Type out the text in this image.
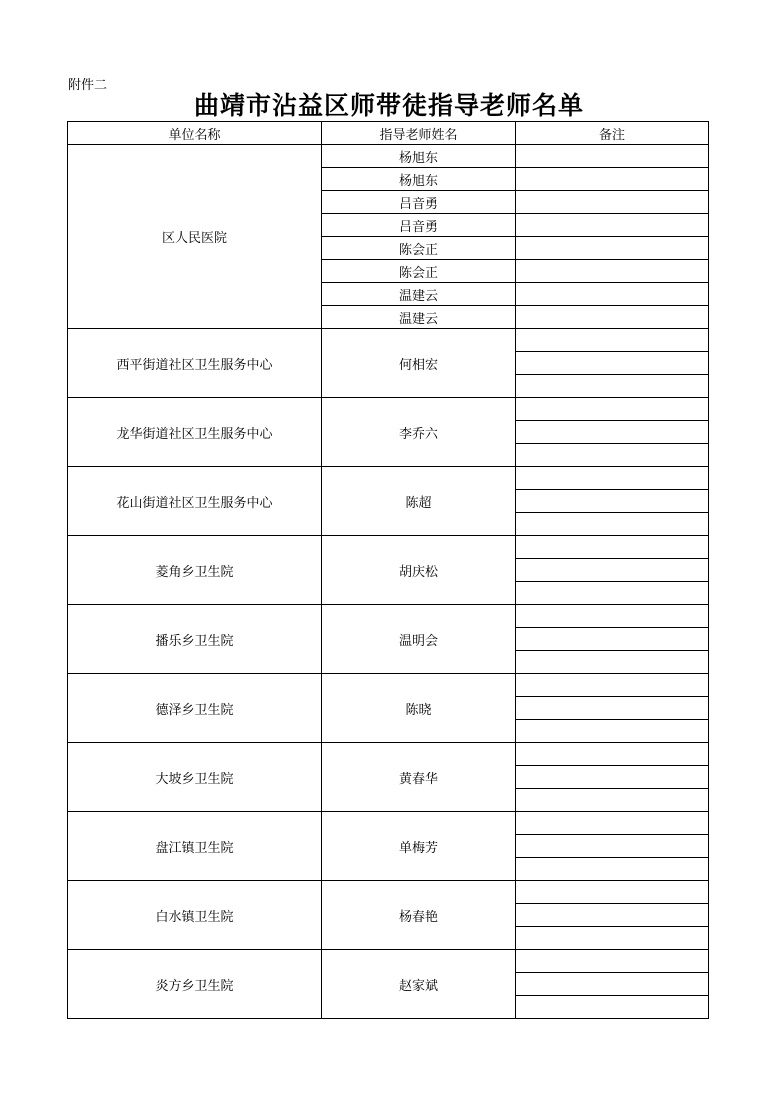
附件二
曲靖市沾益区师带徒指导老师名单
单位名称	指导老师姓名	备注
区人民医院	杨旭东	
	杨旭东	
	吕音勇	
	吕音勇	
	陈会正	
	陈会正	
	温建云	
	温建云	
西平街道社区卫生服务中心	何相宏	

龙华街道社区卫生服务中心	李乔六	

花山街道社区卫生服务中心	陈超	

菱角乡卫生院	胡庆松	

播乐乡卫生院	温明会	

德泽乡卫生院	陈晓	

大坡乡卫生院	黄春华	

盘江镇卫生院	单梅芳	

白水镇卫生院	杨春艳	

炎方乡卫生院	赵家斌	
